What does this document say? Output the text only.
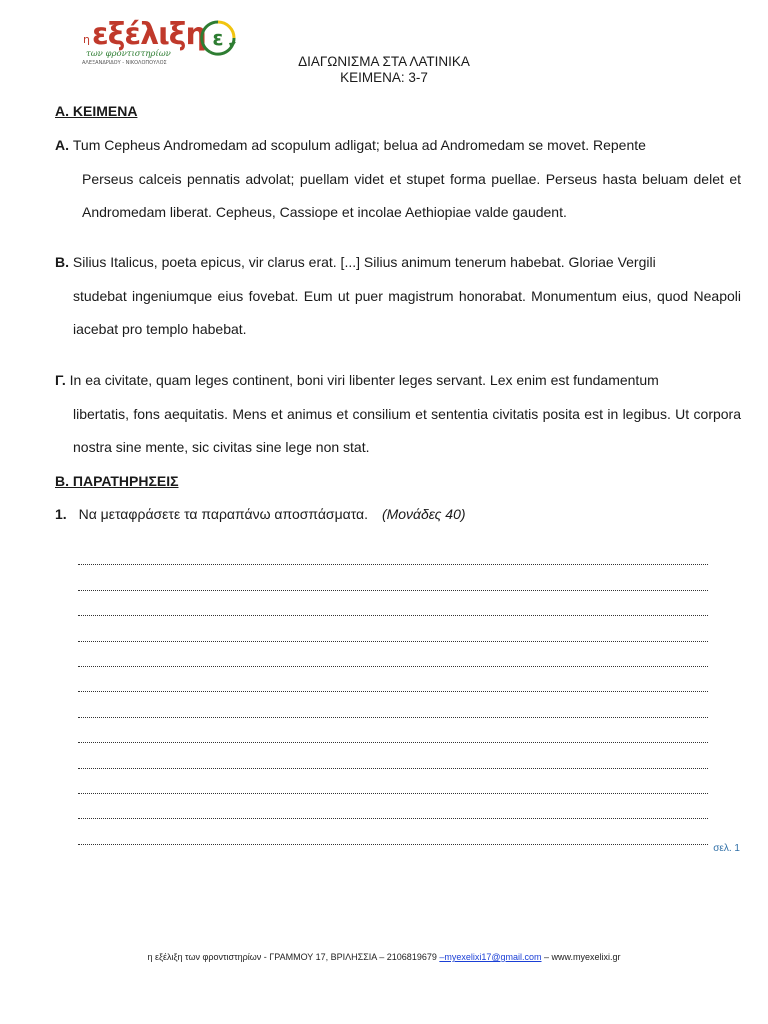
η εξέλιξη
των φροντιστηρίων
ΑΛΕΞΑΝΔΡΙΔΟΥ - ΝΙΚΟΛΟΠΟΥΛΟΣ
ε
ΔΙΑΓΩΝΙΣΜΑ ΣΤΑ ΛΑΤΙΝΙΚΑ
ΚΕΙΜΕΝΑ: 3-7
Α. ΚΕΙΜΕΝΑ
Α. Tum Cepheus Andromedam ad scopulum adligat; belua ad Andromedam se movet. Repente
Perseus calceis pennatis advolat; puellam videt et stupet forma puellae. Perseus hasta beluam delet et Andromedam liberat. Cepheus, Cassiope et incolae Aethiopiae valde gaudent.
Β. Silius Italicus, poeta epicus, vir clarus erat. [...] Silius animum tenerum habebat. Gloriae Vergili
studebat ingeniumque eius fovebat. Eum ut puer magistrum honorabat. Monumentum eius, quod Neapoli iacebat pro templo habebat.
Γ. In ea civitate, quam leges continent, boni viri libenter leges servant. Lex enim est fundamentum
libertatis, fons aequitatis. Mens et animus et consilium et sententia civitatis posita est in legibus. Ut corpora nostra sine mente, sic civitas sine lege non stat.
Β. ΠΑΡΑΤΗΡΗΣΕΙΣ
1. Να μεταφράσετε τα παραπάνω αποσπάσματα. (Μονάδες 40)
σελ. 1
η εξέλιξη των φροντιστηρίων - ΓΡΑΜΜΟΥ 17, ΒΡΙΛΗΣΣΙΑ – 2106819679 –myexelixi17@gmail.com – www.myexelixi.gr
